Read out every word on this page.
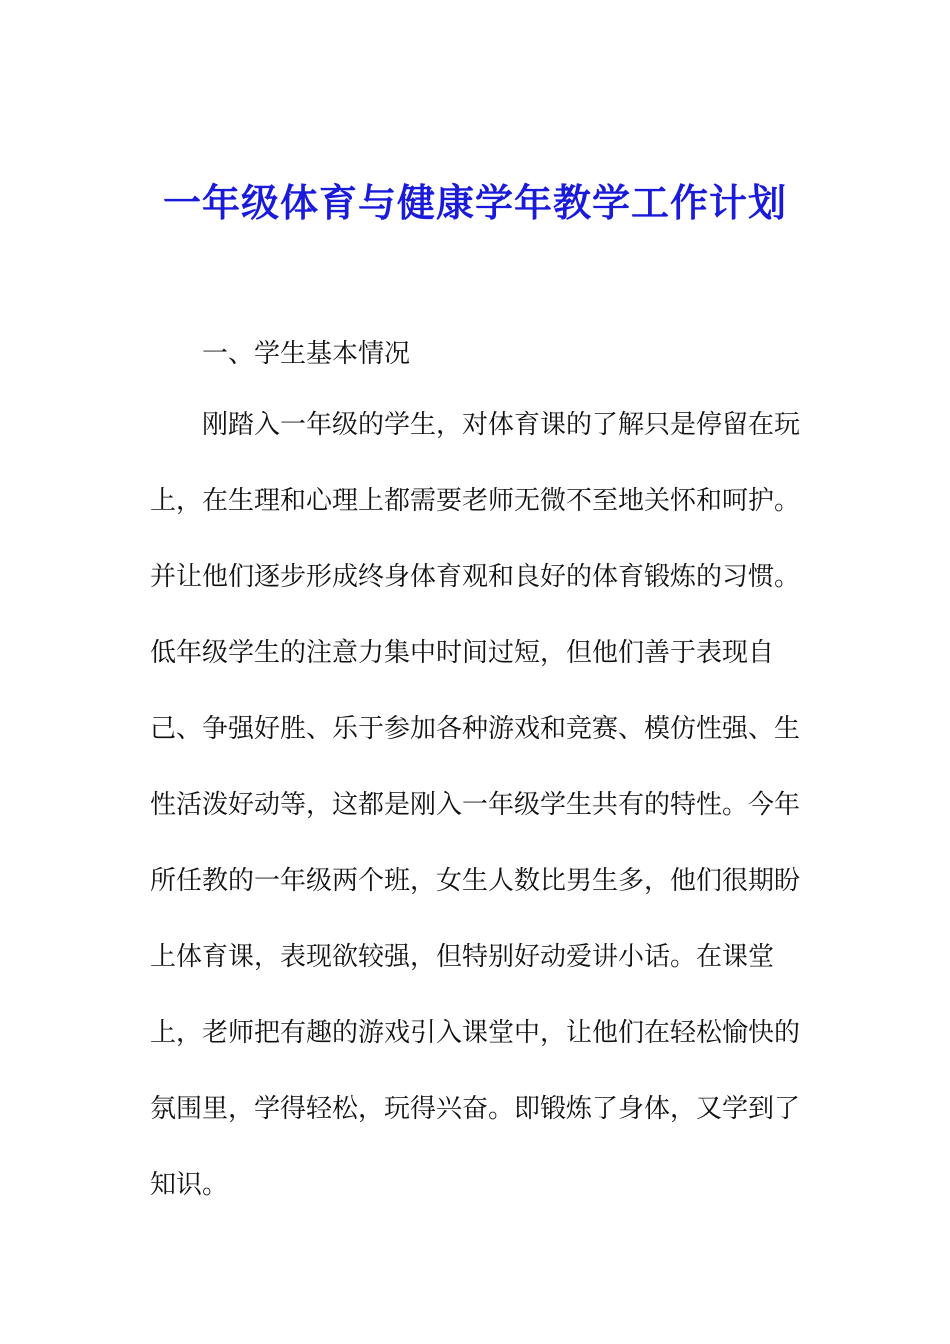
一年级体育与健康学年教学工作计划
一、学生基本情况

刚踏入一年级的学生，对体育课的了解只是停留在玩

上，在生理和心理上都需要老师无微不至地关怀和呵护。

并让他们逐步形成终身体育观和良好的体育锻炼的习惯。

低年级学生的注意力集中时间过短，但他们善于表现自

己、争强好胜、乐于参加各种游戏和竞赛、模仿性强、生

性活泼好动等，这都是刚入一年级学生共有的特性。今年

所任教的一年级两个班，女生人数比男生多，他们很期盼

上体育课，表现欲较强，但特别好动爱讲小话。在课堂

上，老师把有趣的游戏引入课堂中，让他们在轻松愉快的

氛围里，学得轻松，玩得兴奋。即锻炼了身体，又学到了

知识。
